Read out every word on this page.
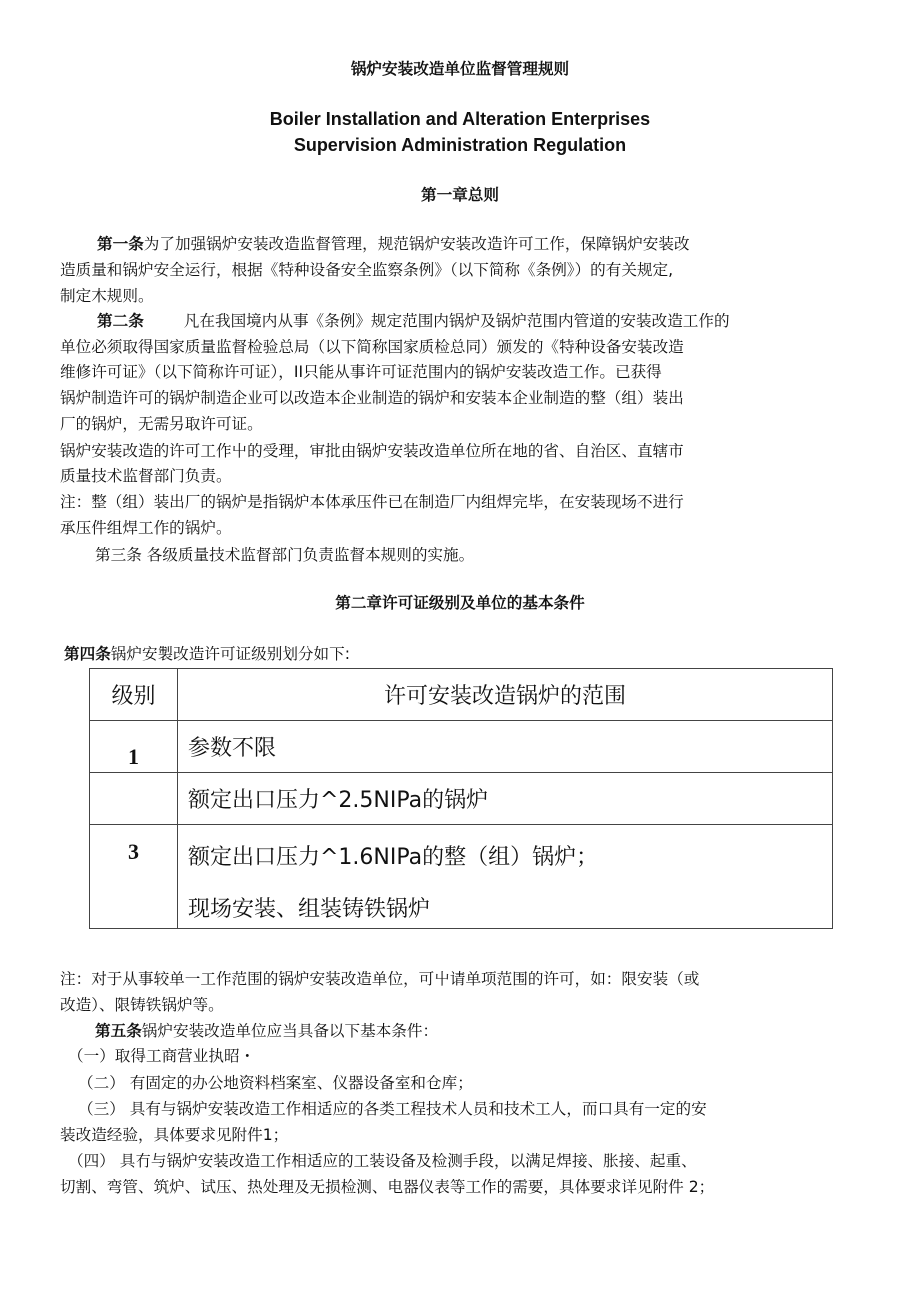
锅炉安装改造单位监督管理规则
Boiler Installation and Alteration Enterprises
Supervision Administration Regulation
第一章总则
第一条为了加强锅炉安装改造监督管理，规范锅炉安装改造许可工作，保障锅炉安装改
造质量和锅炉安全运行，根据《特种设备安全监察条例》（以下简称《条例》）的有关规定,
制定木规则。
第二条	凡在我国境内从事《条例》规定范围内锅炉及锅炉范围内管道的安装改造工作的
单位必须取得国家质量监督检验总局（以下简称国家质检总同）颁发的《特种设备安装改造
维修许可证》（以下简称许可证），II只能从事许可证范围内的锅炉安装改造工作。已获得
锅炉制造许可的锅炉制造企业可以改造本企业制造的锅炉和安装本企业制造的整（组）装出
厂的锅炉，无需另取许可证。
锅炉安装改造的许可工作屮的受理，审批由锅炉安装改造单位所在地的省、自治区、直辖市
质量技术监督部门负责。
注：整（组）装出厂的锅炉是指锅炉本体承压件已在制造厂内组焊完毕，在安装现场不进行
承压件组焊工作的锅炉。
第三条 各级质量技术监督部门负责监督本规则的实施。
第二章许可证级别及单位的基本条件
第四条锅炉安製改造许可证级别划分如下:
级别	许可安装改造锅炉的范围
1	参数不限
	额定出口压力^2.5NIPa的锅炉
3	额定出口压力^1.6NIPa的整（组）锅炉；
现场安装、组装铸铁锅炉
注：对于从事较单一工作范围的锅炉安装改造单位，可屮请单项范围的许可，如：限安装（或
改造）、限铸铁锅炉等。
第五条锅炉安装改造单位应当具备以下基本条件：
（一）取得工商营业执昭・
（二） 有固定的办公地资料档案室、仪器设备室和仓库；
（三） 具有与锅炉安装改造工作相适应的各类工程技术人员和技术工人，而口具有一定的安
装改造经验，具体要求见附件1；
（四） 具冇与锅炉安装改造工作相适应的工装设备及检测手段，以满足焊接、胀接、起重、
切割、弯管、筑炉、试压、热处理及无损检测、电器仪表等工作的需要，具体要求详见附件 2；
